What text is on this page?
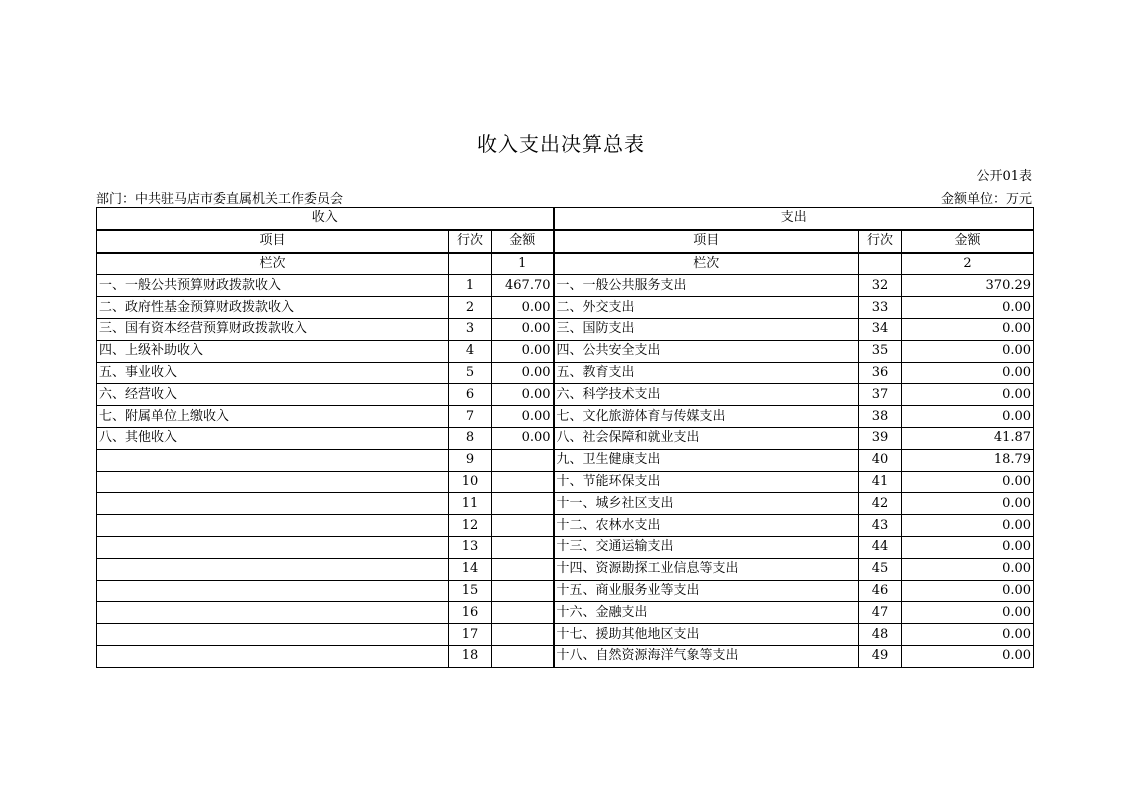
收入支出决算总表
公开01表
部门：中共驻马店市委直属机关工作委员会	金额单位：万元
收入			支出		
项目	行次	金额	项目	行次	金额
栏次		1	栏次		2
一、一般公共预算财政拨款收入	1	467.70	一、一般公共服务支出	32	370.29
二、政府性基金预算财政拨款收入	2	0.00	二、外交支出	33	0.00
三、国有资本经营预算财政拨款收入	3	0.00	三、国防支出	34	0.00
四、上级补助收入	4	0.00	四、公共安全支出	35	0.00
五、事业收入	5	0.00	五、教育支出	36	0.00
六、经营收入	6	0.00	六、科学技术支出	37	0.00
七、附属单位上缴收入	7	0.00	七、文化旅游体育与传媒支出	38	0.00
八、其他收入	8	0.00	八、社会保障和就业支出	39	41.87
	9		九、卫生健康支出	40	18.79
	10		十、节能环保支出	41	0.00
	11		十一、城乡社区支出	42	0.00
	12		十二、农林水支出	43	0.00
	13		十三、交通运输支出	44	0.00
	14		十四、资源勘探工业信息等支出	45	0.00
	15		十五、商业服务业等支出	46	0.00
	16		十六、金融支出	47	0.00
	17		十七、援助其他地区支出	48	0.00
	18		十八、自然资源海洋气象等支出	49	0.00
